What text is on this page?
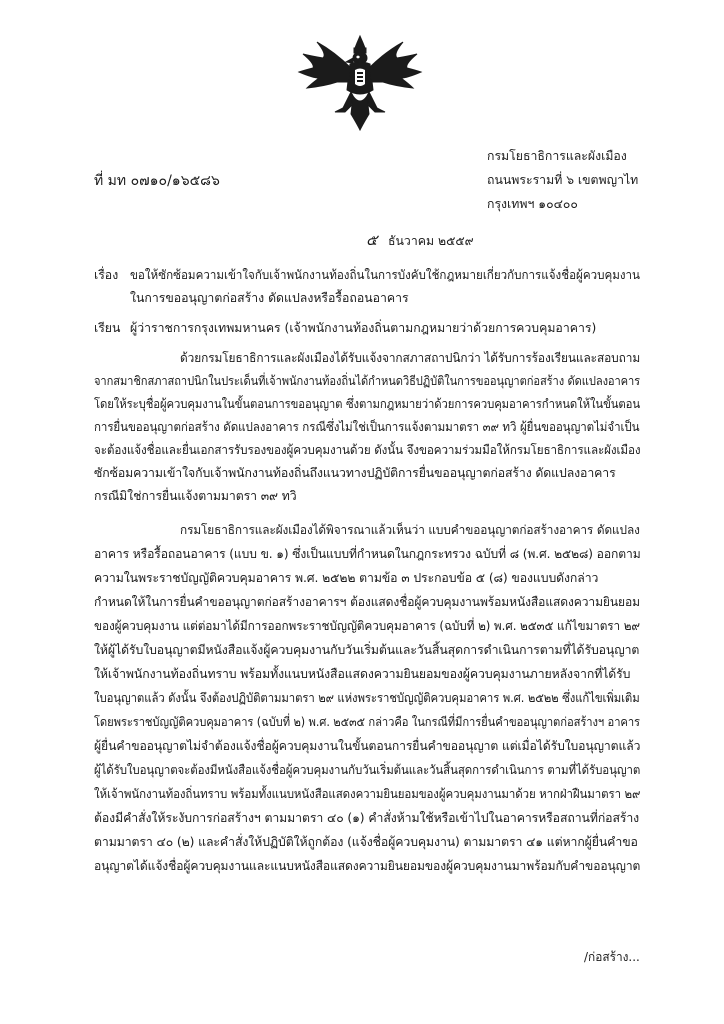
ที่ มท ๐๗๑๐/๑๖๕๘๖
กรมโยธาธิการและผังเมือง
ถนนพระรามที่ ๖ เขตพญาไท
กรุงเทพฯ ๑๐๔๐๐
๕ ธันวาคม ๒๕๕๙
เรื่อง ขอให้ซักซ้อมความเข้าใจกับเจ้าพนักงานท้องถิ่นในการบังคับใช้กฎหมายเกี่ยวกับการแจ้งชื่อผู้ควบคุมงาน
ในการขออนุญาตก่อสร้าง ดัดแปลงหรือรื้อถอนอาคาร
เรียน ผู้ว่าราชการกรุงเทพมหานคร (เจ้าพนักงานท้องถิ่นตามกฎหมายว่าด้วยการควบคุมอาคาร)
ด้วยกรมโยธาธิการและผังเมืองได้รับแจ้งจากสภาสถาปนิกว่า ได้รับการร้องเรียนและสอบถาม
จากสมาชิกสภาสถาปนิกในประเด็นที่เจ้าพนักงานท้องถิ่นได้กำหนดวิธีปฏิบัติในการขออนุญาตก่อสร้าง ดัดแปลงอาคาร
โดยให้ระบุชื่อผู้ควบคุมงานในขั้นตอนการขออนุญาต ซึ่งตามกฎหมายว่าด้วยการควบคุมอาคารกำหนดให้ในขั้นตอน
การยื่นขออนุญาตก่อสร้าง ดัดแปลงอาคาร กรณีซึ่งไม่ใช่เป็นการแจ้งตามมาตรา ๓๙ ทวิ ผู้ยื่นขออนุญาตไม่จำเป็น
จะต้องแจ้งชื่อและยื่นเอกสารรับรองของผู้ควบคุมงานด้วย ดังนั้น จึงขอความร่วมมือให้กรมโยธาธิการและผังเมือง
ซักซ้อมความเข้าใจกับเจ้าพนักงานท้องถิ่นถึงแนวทางปฏิบัติการยื่นขออนุญาตก่อสร้าง ดัดแปลงอาคาร
กรณีมิใช่การยื่นแจ้งตามมาตรา ๓๙ ทวิ
กรมโยธาธิการและผังเมืองได้พิจารณาแล้วเห็นว่า แบบคำขออนุญาตก่อสร้างอาคาร ดัดแปลง
อาคาร หรือรื้อถอนอาคาร (แบบ ข. ๑) ซึ่งเป็นแบบที่กำหนดในกฎกระทรวง ฉบับที่ ๘ (พ.ศ. ๒๕๒๘) ออกตาม
ความในพระราชบัญญัติควบคุมอาคาร พ.ศ. ๒๕๒๒ ตามข้อ ๓ ประกอบข้อ ๕ (๘) ของแบบดังกล่าว
กำหนดให้ในการยื่นคำขออนุญาตก่อสร้างอาคารฯ ต้องแสดงชื่อผู้ควบคุมงานพร้อมหนังสือแสดงความยินยอม
ของผู้ควบคุมงาน แต่ต่อมาได้มีการออกพระราชบัญญัติควบคุมอาคาร (ฉบับที่ ๒) พ.ศ. ๒๕๓๕ แก้ไขมาตรา ๒๙
ให้ผู้ได้รับใบอนุญาตมีหนังสือแจ้งผู้ควบคุมงานกับวันเริ่มต้นและวันสิ้นสุดการดำเนินการตามที่ได้รับอนุญาต
ให้เจ้าพนักงานท้องถิ่นทราบ พร้อมทั้งแนบหนังสือแสดงความยินยอมของผู้ควบคุมงานภายหลังจากที่ได้รับ
ใบอนุญาตแล้ว ดังนั้น จึงต้องปฏิบัติตามมาตรา ๒๙ แห่งพระราชบัญญัติควบคุมอาคาร พ.ศ. ๒๕๒๒ ซึ่งแก้ไขเพิ่มเติม
โดยพระราชบัญญัติควบคุมอาคาร (ฉบับที่ ๒) พ.ศ. ๒๕๓๕ กล่าวคือ ในกรณีที่มีการยื่นคำขออนุญาตก่อสร้างฯ อาคาร
ผู้ยื่นคำขออนุญาตไม่จำต้องแจ้งชื่อผู้ควบคุมงานในขั้นตอนการยื่นคำขออนุญาต แต่เมื่อได้รับใบอนุญาตแล้ว
ผู้ได้รับใบอนุญาตจะต้องมีหนังสือแจ้งชื่อผู้ควบคุมงานกับวันเริ่มต้นและวันสิ้นสุดการดำเนินการ ตามที่ได้รับอนุญาต
ให้เจ้าพนักงานท้องถิ่นทราบ พร้อมทั้งแนบหนังสือแสดงความยินยอมของผู้ควบคุมงานมาด้วย หากฝ่าฝืนมาตรา ๒๙
ต้องมีคำสั่งให้ระงับการก่อสร้างฯ ตามมาตรา ๔๐ (๑) คำสั่งห้ามใช้หรือเข้าไปในอาคารหรือสถานที่ก่อสร้าง
ตามมาตรา ๔๐ (๒) และคำสั่งให้ปฏิบัติให้ถูกต้อง (แจ้งชื่อผู้ควบคุมงาน) ตามมาตรา ๔๑ แต่หากผู้ยื่นคำขอ
อนุญาตได้แจ้งชื่อผู้ควบคุมงานและแนบหนังสือแสดงความยินยอมของผู้ควบคุมงานมาพร้อมกับคำขออนุญาต
/ก่อสร้าง...
